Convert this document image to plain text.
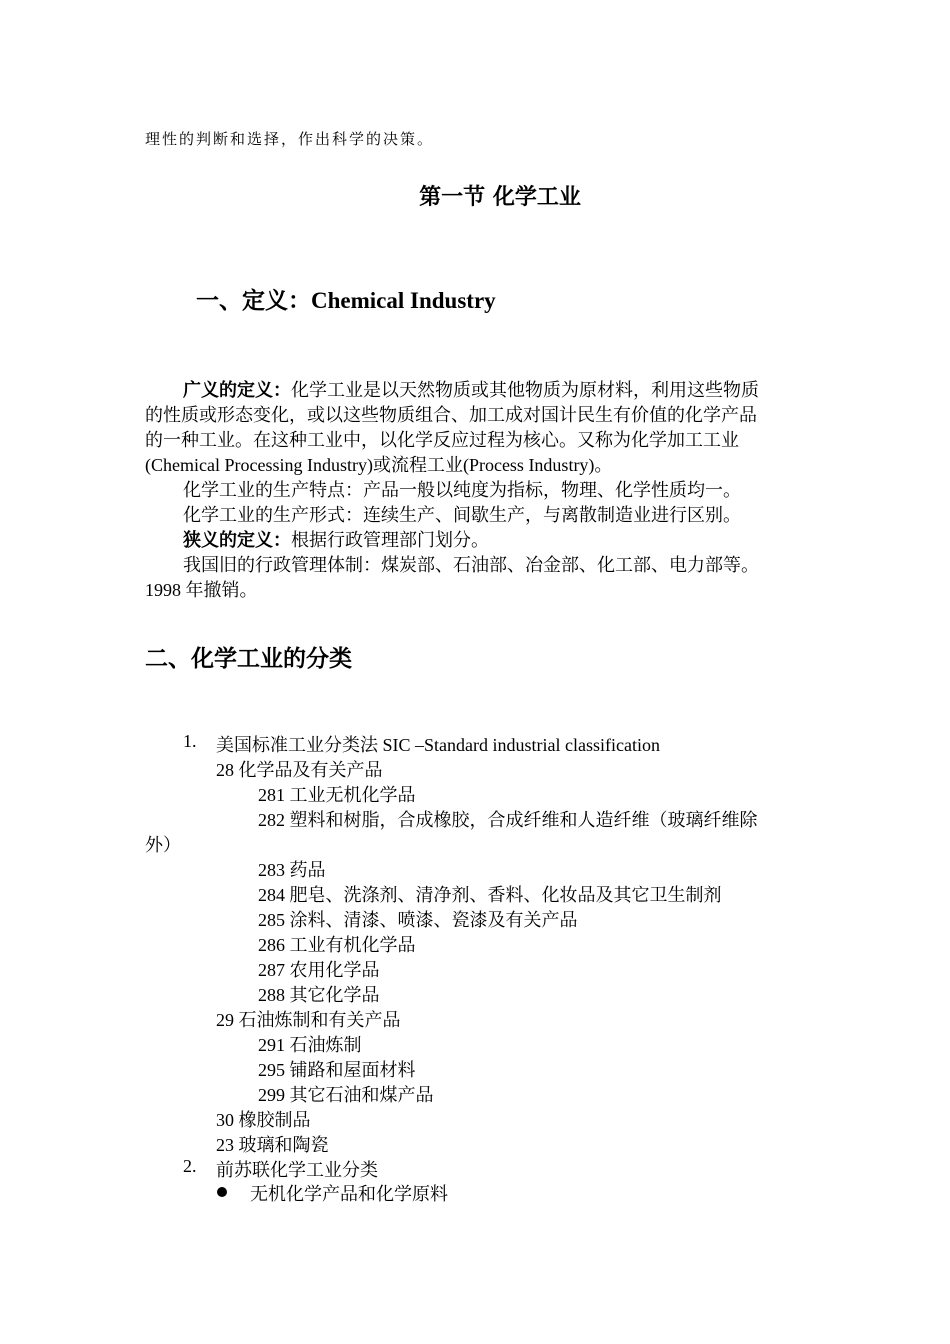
理性的判断和选择，作出科学的决策。
第一节 化学工业
一、定义：Chemical Industry
广义的定义：化学工业是以天然物质或其他物质为原材料，利用这些物质
的性质或形态变化，或以这些物质组合、加工成对国计民生有价值的化学产品
的一种工业。在这种工业中，以化学反应过程为核心。又称为化学加工工业
(Chemical Processing Industry)或流程工业(Process Industry)。
化学工业的生产特点：产品一般以纯度为指标，物理、化学性质均一。
化学工业的生产形式：连续生产、间歇生产，与离散制造业进行区别。
狭义的定义：根据行政管理部门划分。
我国旧的行政管理体制：煤炭部、石油部、冶金部、化工部、电力部等。
1998 年撤销。
二、化学工业的分类
1. 美国标准工业分类法 SIC –Standard industrial classification
28 化学品及有关产品
281 工业无机化学品
282 塑料和树脂，合成橡胶，合成纤维和人造纤维（玻璃纤维除
外）
283 药品
284 肥皂、洗涤剂、清净剂、香料、化妆品及其它卫生制剂
285 涂料、清漆、喷漆、瓷漆及有关产品
286 工业有机化学品
287 农用化学品
288 其它化学品
29 石油炼制和有关产品
291 石油炼制
295 铺路和屋面材料
299 其它石油和煤产品
30 橡胶制品
23 玻璃和陶瓷
2. 前苏联化学工业分类
无机化学产品和化学原料
